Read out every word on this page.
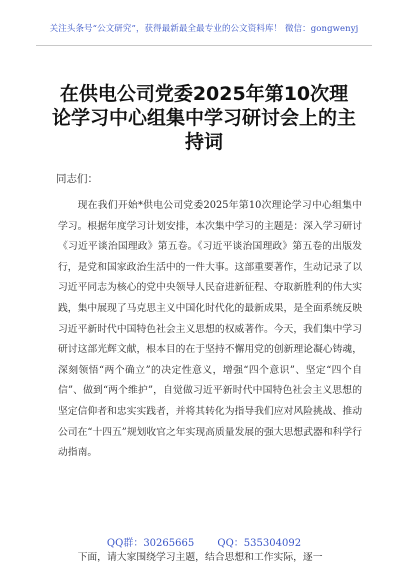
关注头条号“公文研究”，获得最新最全最专业的公文资料库！ 微信：gongwenyj
在供电公司党委2025年第10次理论学习中心组集中学习研讨会上的主持词
同志们：

现在我们开始*供电公司党委2025年第10次理论学习中心组集中学习。根据年度学习计划安排，本次集中学习的主题是：深入学习研讨《习近平谈治国理政》第五卷。《习近平谈治国理政》第五卷的出版发行，是党和国家政治生活中的一件大事。这部重要著作，生动记录了以习近平同志为核心的党中央领导人民奋进新征程、夺取新胜利的伟大实践，集中展现了马克思主义中国化时代化的最新成果，是全面系统反映习近平新时代中国特色社会主义思想的权威著作。今天，我们集中学习研讨这部光辉文献，根本目的在于坚持不懈用党的创新理论凝心铸魂，深刻领悟“两个确立”的决定性意义，增强“四个意识”、坚定“四个自信”、做到“两个维护”，自觉做习近平新时代中国特色社会主义思想的坚定信仰者和忠实实践者，并将其转化为指导我们应对风险挑战、推动公司在“十四五”规划收官之年实现高质量发展的强大思想武器和科学行动指南。

QQ群：30265665 QQ：535304092

下面，请大家围绕学习主题，结合思想和工作实际，逐一
